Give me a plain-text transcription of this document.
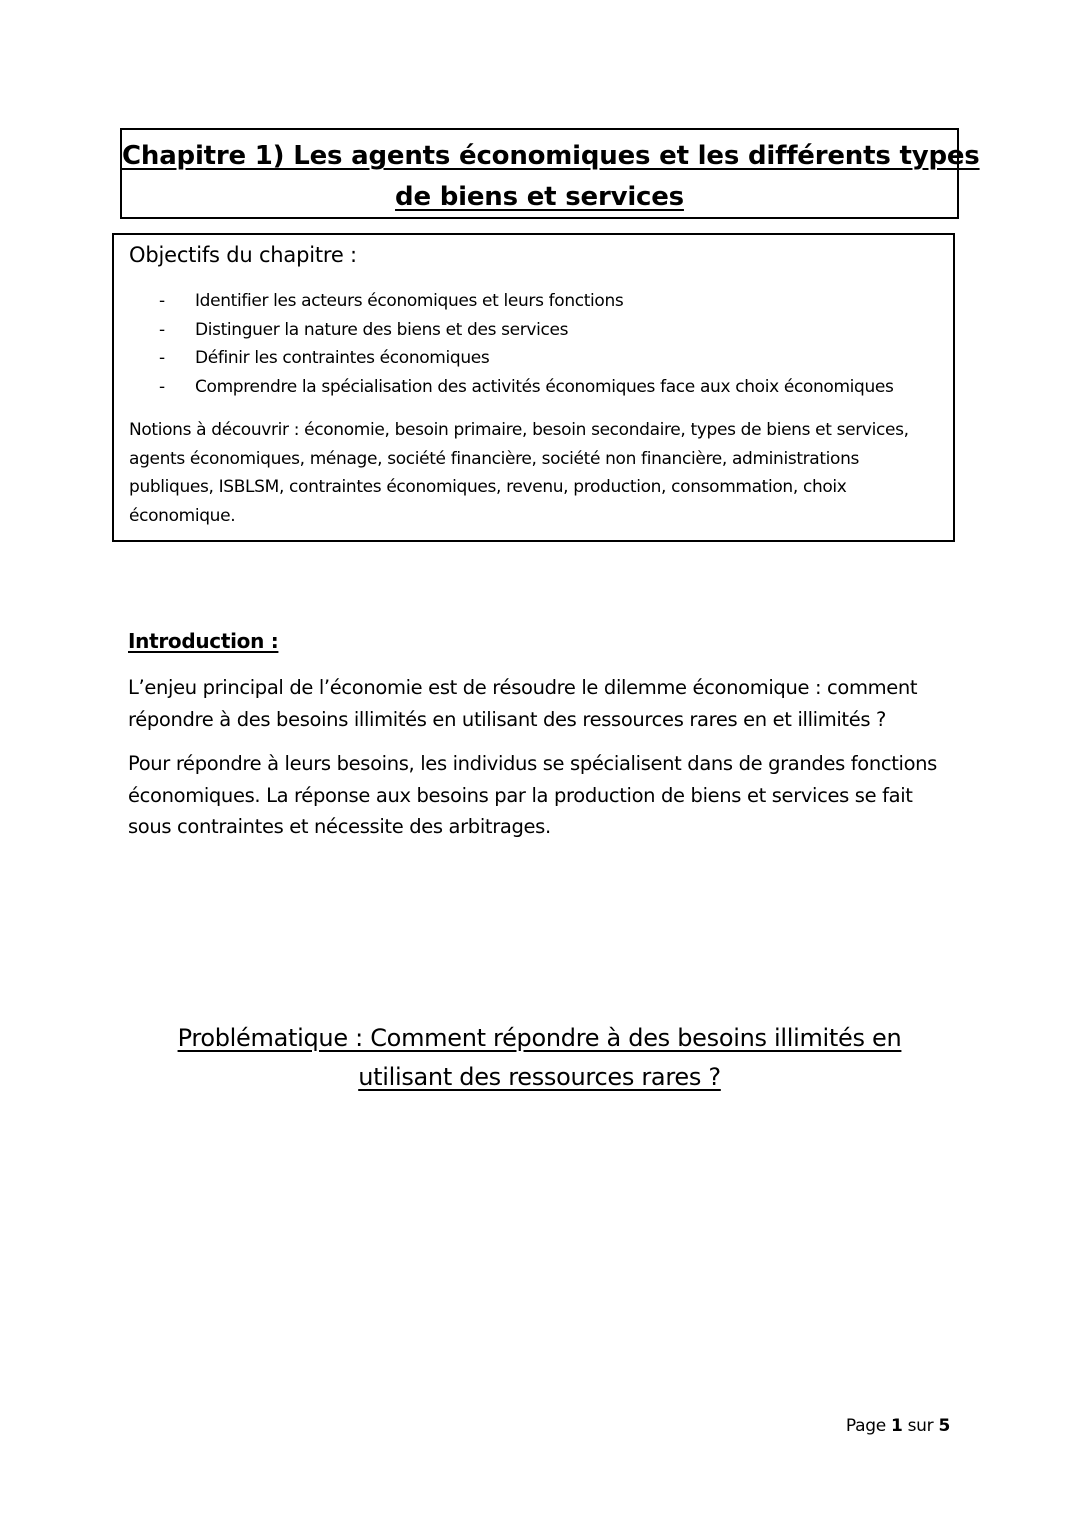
Chapitre 1) Les agents économiques et les différents types
de biens et services
Objectifs du chapitre :
- Identifier les acteurs économiques et leurs fonctions
- Distinguer la nature des biens et des services
- Définir les contraintes économiques
- Comprendre la spécialisation des activités économiques face aux choix économiques

Notions à découvrir : économie, besoin primaire, besoin secondaire, types de biens et services, agents économiques, ménage, société financière, société non financière, administrations publiques, ISBLSM, contraintes économiques, revenu, production, consommation, choix économique.

Introduction :

L’enjeu principal de l’économie est de résoudre le dilemme économique : comment répondre à des besoins illimités en utilisant des ressources rares en et illimités ?

Pour répondre à leurs besoins, les individus se spécialisent dans de grandes fonctions économiques. La réponse aux besoins par la production de biens et services se fait sous contraintes et nécessite des arbitrages.

Problématique : Comment répondre à des besoins illimités en
utilisant des ressources rares ?
Page 1 sur 5
